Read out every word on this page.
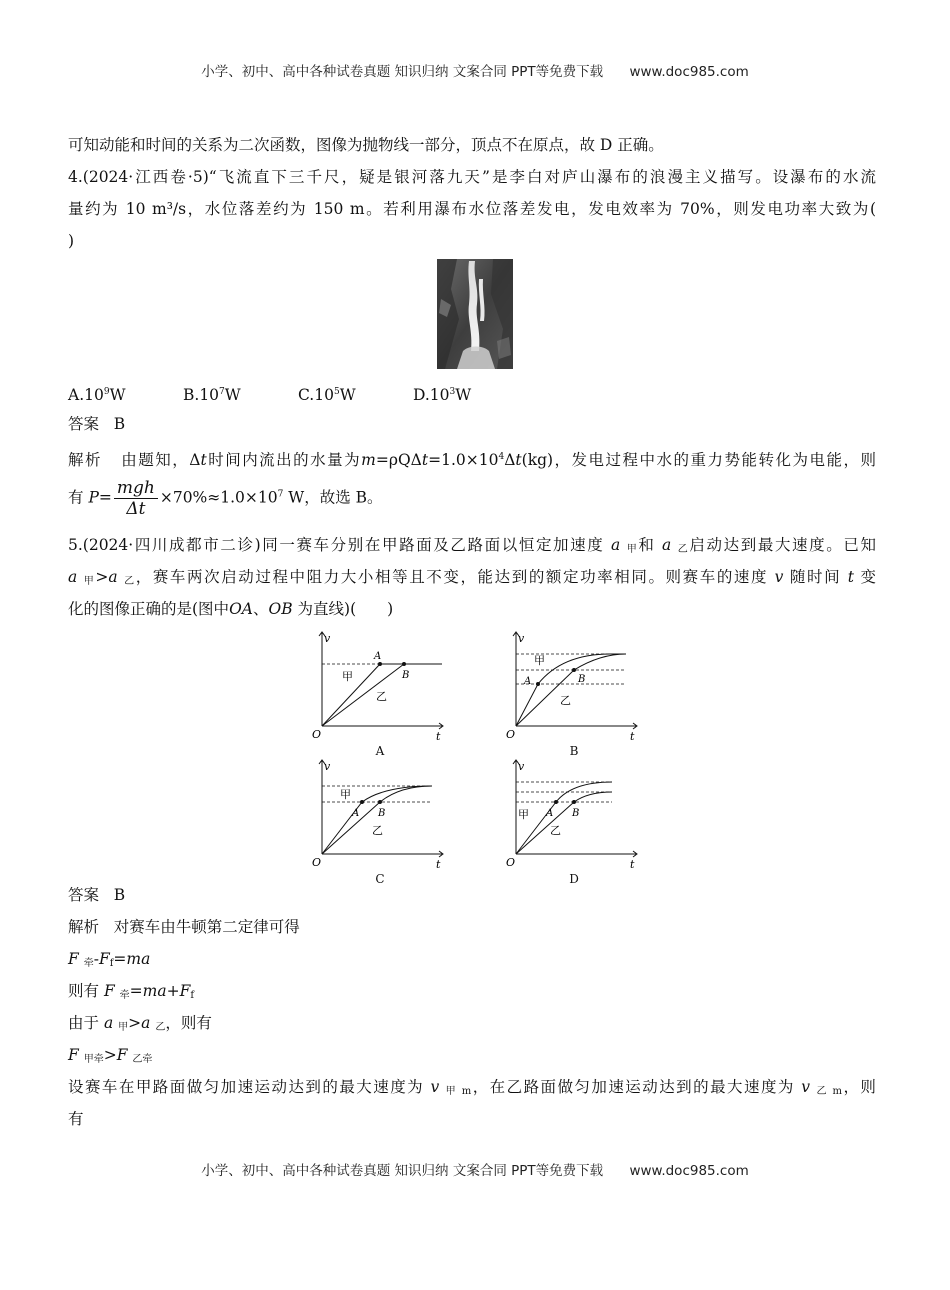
小学、初中、高中各种试卷真题 知识归纳 文案合同 PPT等免费下载 www.doc985.com
可知动能和时间的关系为二次函数，图像为抛物线一部分，顶点不在原点，故 D 正确。
4.(2024·江西卷·5)“飞流直下三千尺，疑是银河落九天”是李白对庐山瀑布的浪漫主义描写。设瀑布的水流
量约为 10 m³/s，水位落差约为 150 m。若利用瀑布水位落差发电，发电效率为 70%，则发电功率大致为(
)
$A.10^9W$	$B.10^7W$	$C.10^5W$	$D.10^3W$
答案 B
解析 由题知，Δt时间内流出的水量为$m=\rho Q\Delta t=1.0\times 10^4\Delta t(kg)$，发电过程中水的重力势能转化为电能，则
有 $P= \frac{\text{mgh}}{\Delta t} \times 70\%\approx 1.0\times 10^7$ W，故选 B。
5.(2024·四川成都市二诊)同一赛车分别在甲路面及乙路面以恒定加速度 a $_甲$和 a $_乙$启动达到最大速度。已知
a $_甲$>a $_乙$，赛车两次启动过程中阻力大小相等且不变，能达到的额定功率相同。则赛车的速度 v 随时间 t 变
化的图像正确的是(图中OA、OB 为直线)(　　)
v
t
O
A
B
甲
乙
A
v
t
O
A	B
甲
乙
B
v
t
O
A B
甲
乙
C
v
t
O
A B
甲
乙
D
答案 B
解析 对赛车由牛顿第二定律可得
F $_牵-F_f=ma$
则有 F $_牵=ma+F_f$
由于 a $_甲$>a $_乙$，则有
F $_{甲牵}$>F $_{乙牵}$
设赛车在甲路面做匀加速运动达到的最大速度为 v $_{甲 m}$，在乙路面做匀加速运动达到的最大速度为 v $_{乙 m}$，则
有
小学、初中、高中各种试卷真题 知识归纳 文案合同 PPT等免费下载 www.doc985.com
